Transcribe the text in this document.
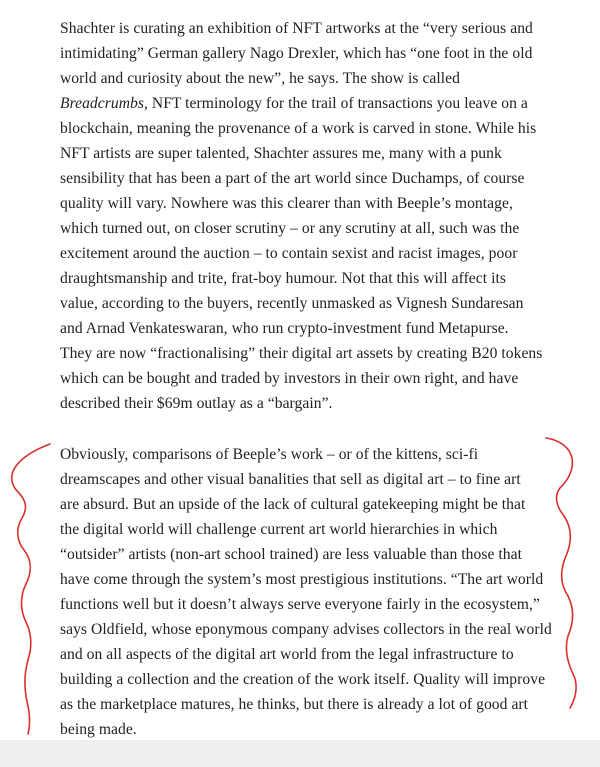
Shachter is curating an exhibition of NFT artworks at the “very serious and
intimidating” German gallery Nago Drexler, which has “one foot in the old
world and curiosity about the new”, he says. The show is called
Breadcrumbs, NFT terminology for the trail of transactions you leave on a
blockchain, meaning the provenance of a work is carved in stone. While his
NFT artists are super talented, Shachter assures me, many with a punk
sensibility that has been a part of the art world since Duchamps, of course
quality will vary. Nowhere was this clearer than with Beeple’s montage,
which turned out, on closer scrutiny – or any scrutiny at all, such was the
excitement around the auction – to contain sexist and racist images, poor
draughtsmanship and trite, frat-boy humour. Not that this will affect its
value, according to the buyers, recently unmasked as Vignesh Sundaresan
and Arnad Venkateswaran, who run crypto-investment fund Metapurse.
They are now “fractionalising” their digital art assets by creating B20 tokens
which can be bought and traded by investors in their own right, and have
described their $69m outlay as a “bargain”.

Obviously, comparisons of Beeple’s work – or of the kittens, sci-fi
dreamscapes and other visual banalities that sell as digital art – to fine art
are absurd. But an upside of the lack of cultural gatekeeping might be that
the digital world will challenge current art world hierarchies in which
“outsider” artists (non-art school trained) are less valuable than those that
have come through the system’s most prestigious institutions. “The art world
functions well but it doesn’t always serve everyone fairly in the ecosystem,”
says Oldfield, whose eponymous company advises collectors in the real world
and on all aspects of the digital art world from the legal infrastructure to
building a collection and the creation of the work itself. Quality will improve
as the marketplace matures, he thinks, but there is already a lot of good art
being made.
